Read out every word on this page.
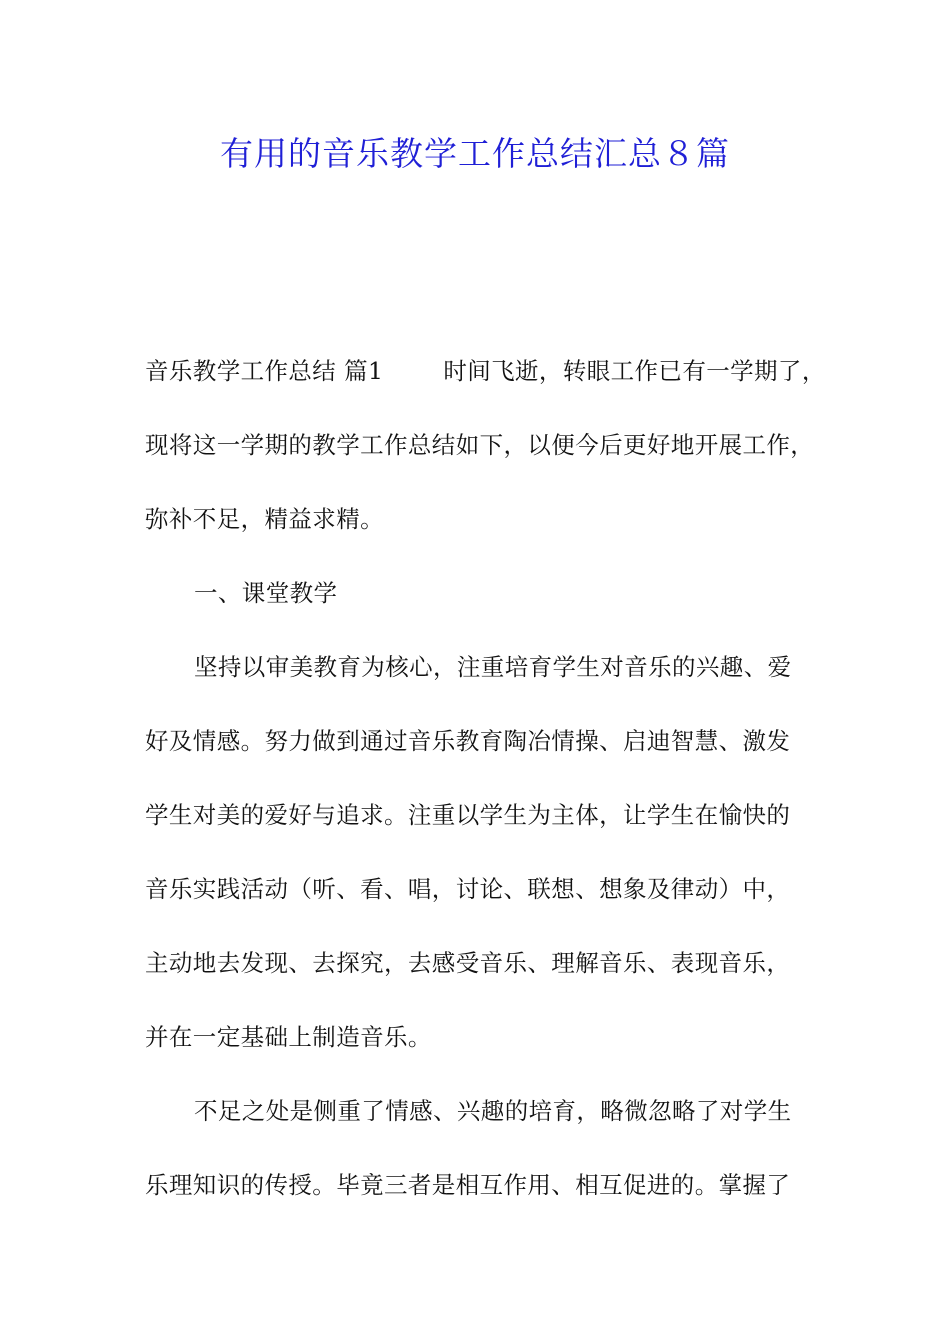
有用的音乐教学工作总结汇总８篇
音乐教学工作总结 篇1	时间飞逝，转眼工作已有一学期了，
现将这一学期的教学工作总结如下，以便今后更好地开展工作，
弥补不足，精益求精。
一、课堂教学
坚持以审美教育为核心，注重培育学生对音乐的兴趣、爱
好及情感。努力做到通过音乐教育陶冶情操、启迪智慧、激发
学生对美的爱好与追求。注重以学生为主体，让学生在愉快的
音乐实践活动（听、看、唱，讨论、联想、想象及律动）中，
主动地去发现、去探究，去感受音乐、理解音乐、表现音乐，
并在一定基础上制造音乐。
不足之处是侧重了情感、兴趣的培育，略微忽略了对学生
乐理知识的传授。毕竟三者是相互作用、相互促进的。掌握了
